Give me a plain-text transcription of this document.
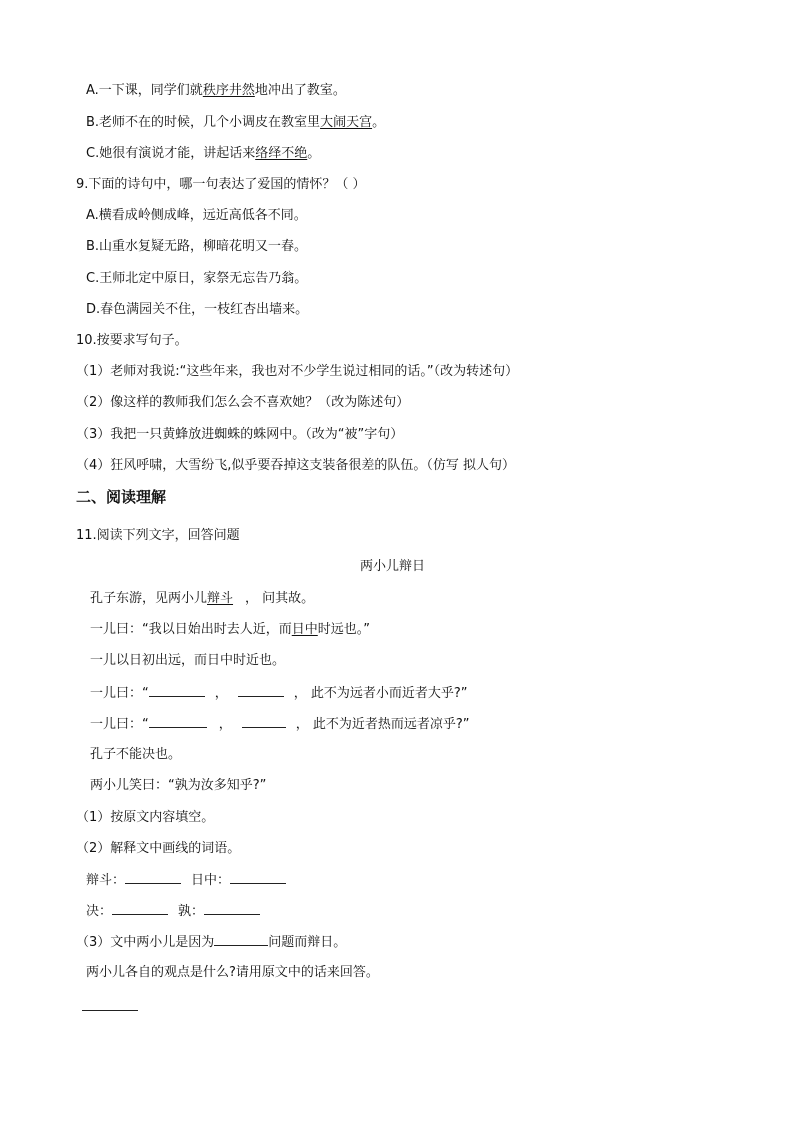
A.一下课，同学们就秩序井然地冲出了教室。
B.老师不在的时候，几个小调皮在教室里大闹天宫。
C.她很有演说才能，讲起话来络绎不绝。
9.下面的诗句中，哪一句表达了爱国的情怀？（ ）
A.横看成岭侧成峰，远近高低各不同。
B.山重水复疑无路，柳暗花明又一春。
C.王师北定中原日，家祭无忘告乃翁。
D.春色满园关不住，一枝红杏出墙来。
10.按要求写句子。
（1）老师对我说:“这些年来，我也对不少学生说过相同的话。”（改为转述句）
（2）像这样的教师我们怎么会不喜欢她？（改为陈述句）
（3）我把一只黄蜂放进蜘蛛的蛛网中。（改为“被”字句）
（4）狂风呼啸，大雪纷飞,似乎要吞掉这支装备很差的队伍。（仿写 拟人句）
二、阅读理解
11.阅读下列文字，回答问题
两小儿辩日
孔子东游，见两小儿辩斗 ， 问其故。
一儿曰：“我以日始出时去人近，而日中时远也。”
一儿以日初出远，而日中时近也。
一儿曰：“	，	， 此不为远者小而近者大乎?”
一儿曰：“	，	， 此不为近者热而远者凉乎?”
孔子不能决也。
两小儿笑曰：“孰为汝多知乎?”
（1）按原文内容填空。
（2）解释文中画线的词语。
辩斗：	日中：
决：	孰：
（3）文中两小儿是因为	问题而辩日。
两小儿各自的观点是什么?请用原文中的话来回答。
